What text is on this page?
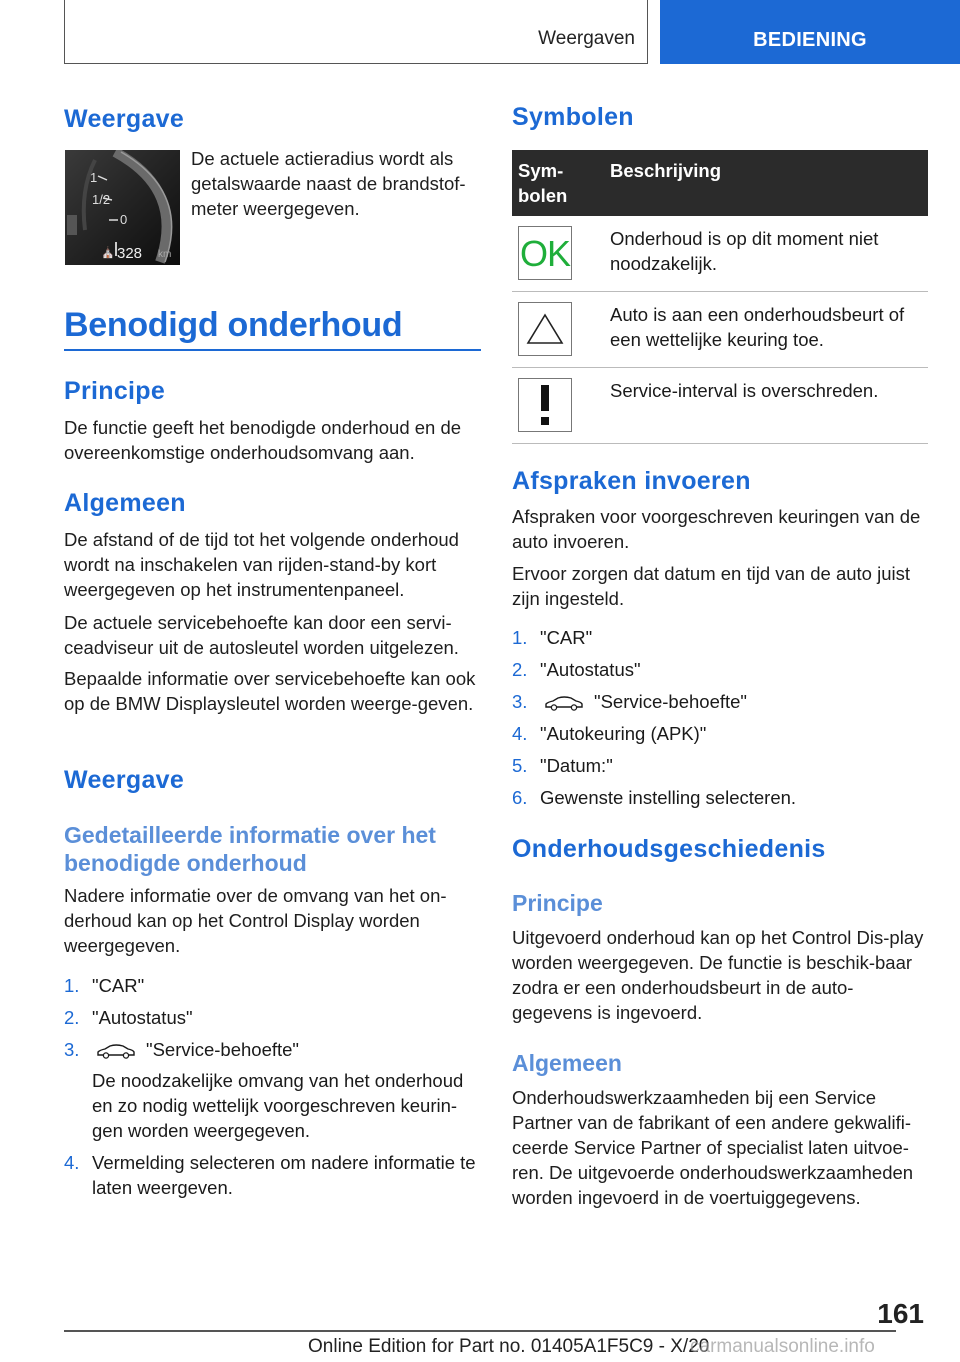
Weergaven	BEDIENING
Weergave
1
1/2
0
328 km
⛪
De actuele actieradius wordt als getalswaarde naast de brandstof-meter weergegeven.
Benodigd onderhoud
Principe
De functie geeft het benodigde onderhoud en de overeenkomstige onderhoudsomvang aan.
Algemeen
De afstand of de tijd tot het volgende onderhoud wordt na inschakelen van rijden-stand-by kort weergegeven op het instrumentenpaneel.
De actuele servicebehoefte kan door een servi-ceadviseur uit de autosleutel worden uitgelezen.
Bepaalde informatie over servicebehoefte kan ook op de BMW Displaysleutel worden weerge-geven.
Weergave
Gedetailleerde informatie over het benodigde onderhoud
Nadere informatie over de omvang van het on-derhoud kan op het Control Display worden weergegeven.
1. "CAR"
2. "Autostatus"
3.	"Service-behoefte"
De noodzakelijke omvang van het onderhoud en zo nodig wettelijk voorgeschreven keurin-gen worden weergegeven.
4. Vermelding selecteren om nadere informatie te laten weergeven.
Symbolen
Sym-bolen	Beschrijving

OK	Onderhoud is op dit moment niet noodzakelijk.

	Auto is aan een onderhoudsbeurt of een wettelijke keuring toe.

	Service-interval is overschreden.
Afspraken invoeren
Afspraken voor voorgeschreven keuringen van de auto invoeren.
Ervoor zorgen dat datum en tijd van de auto juist zijn ingesteld.
1. "CAR"
2. "Autostatus"
3.	"Service-behoefte"
4. "Autokeuring (APK)"
5. "Datum:"
6. Gewenste instelling selecteren.
Onderhoudsgeschiedenis
Principe
Uitgevoerd onderhoud kan op het Control Dis-play worden weergegeven. De functie is beschik-baar zodra er een onderhoudsbeurt in de auto-gegevens is ingevoerd.
Algemeen
Onderhoudswerkzaamheden bij een Service Partner van de fabrikant of een andere gekwalifi-ceerde Service Partner of specialist laten uitvoe-ren. De uitgevoerde onderhoudswerkzaamheden worden ingevoerd in de voertuiggegevens.
161
Online Edition for Part no. 01405A1F5C9 - X/20
carmanualsonline.info
